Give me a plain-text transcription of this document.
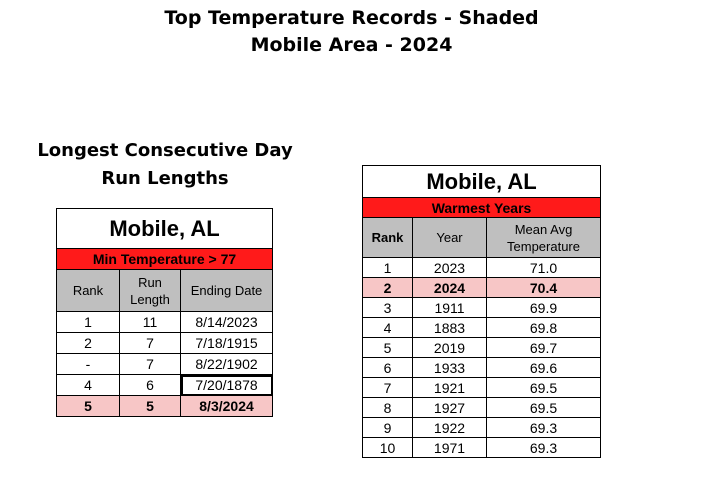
Top Temperature Records - Shaded
Mobile Area - 2024
Longest Consecutive Day
Run Lengths
Mobile, AL		
Min Temperature > 77		
Rank	Run Length	Ending Date
1	11	8/14/2023
2	7	7/18/1915
-	7	8/22/1902
4	6	7/20/1878
5	5	8/3/2024
Mobile, AL		
Warmest Years		
Rank	Year	Mean Avg Temperature
1	2023	71.0
2	2024	70.4
3	1911	69.9
4	1883	69.8
5	2019	69.7
6	1933	69.6
7	1921	69.5
8	1927	69.5
9	1922	69.3
10	1971	69.3
